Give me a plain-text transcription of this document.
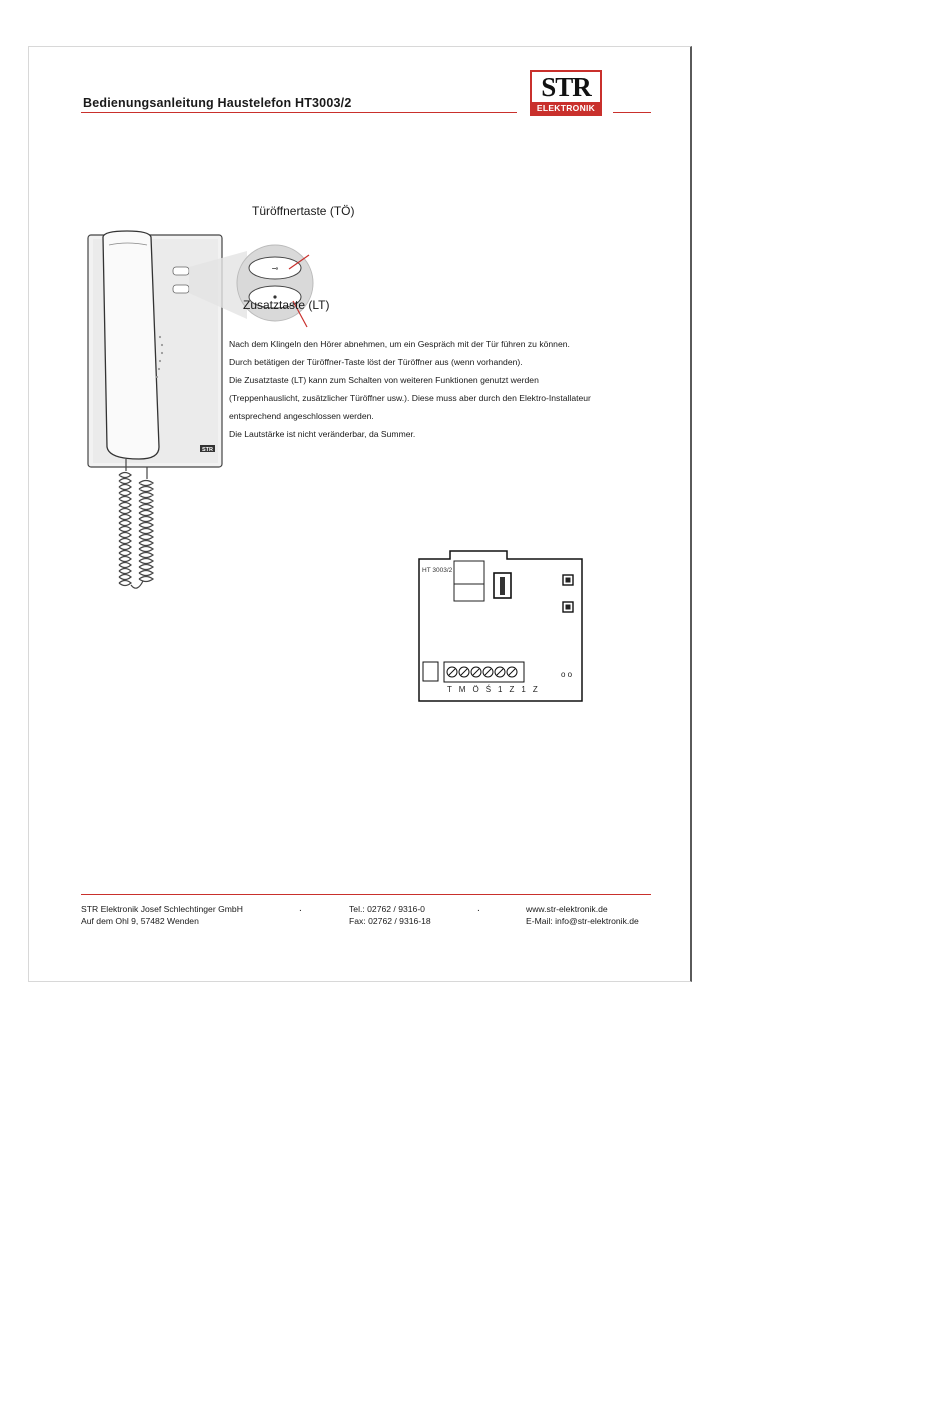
Bedienungsanleitung Haustelefon HT3003/2
STR
ELEKTRONIK
STR
⊸
Türöffnertaste (TÖ)
Zusatztaste (LT)
Nach dem Klingeln den Hörer abnehmen, um ein Gespräch mit der Tür führen zu können.
Durch betätigen der Türöffner-Taste löst der Türöffner aus (wenn vorhanden).
Die Zusatztaste (LT) kann zum Schalten von weiteren Funktionen genutzt werden
(Treppenhauslicht, zusätzlicher Türöffner usw.). Diese muss aber durch den Elektro-Installateur
entsprechend angeschlossen werden.
Die Lautstärke ist nicht veränderbar, da Summer.
HT 3003/2
T M Ö Ś 1 Z 1 Z
o o
STR Elektronik Josef Schlechtinger GmbH
Auf dem Ohl 9, 57482 Wenden
.	Tel.: 02762 / 9316-0
Fax: 02762 / 9316-18
.	www.str-elektronik.de
E-Mail: info@str-elektronik.de
